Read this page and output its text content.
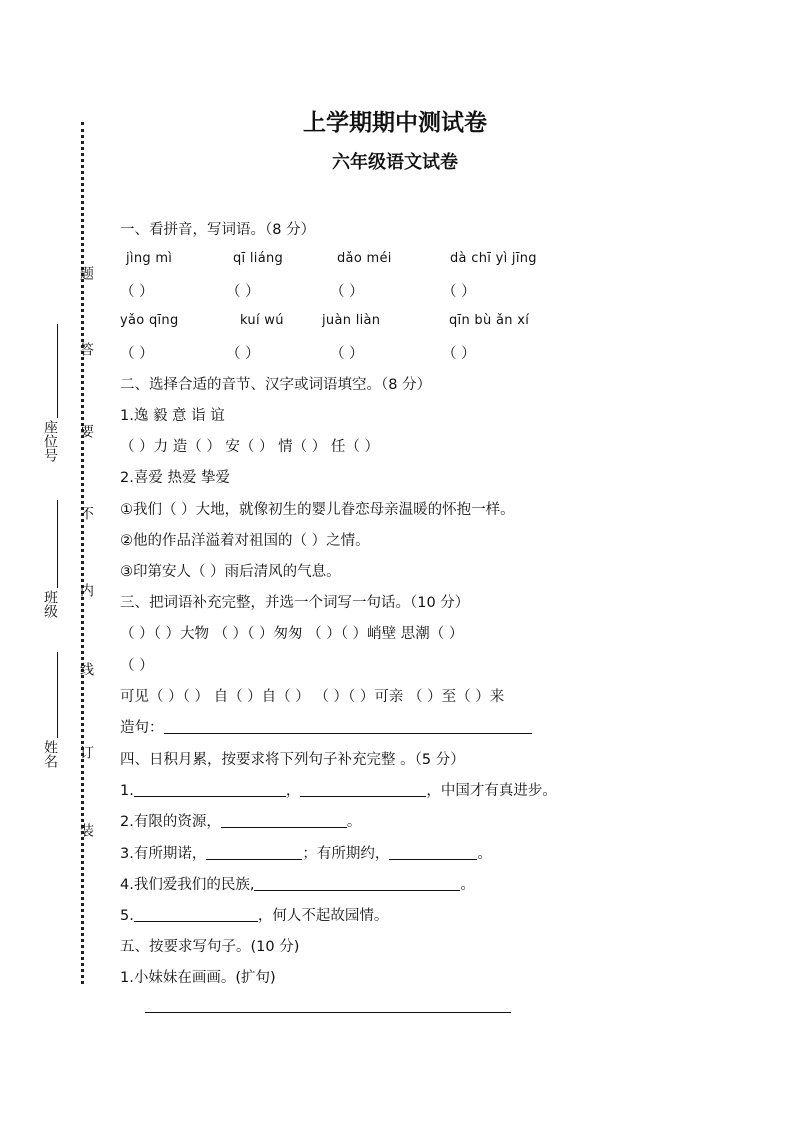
题
答
要
不
内
线
订
装
座位号
班级
姓名
上学期期中测试卷
六年级语文试卷
一、看拼音，写词语。（8 分）
jìng mì	qī liáng	dǎo méi	dà chī yì jīng
（ ）	（ ）	（ ）	（ ）
yǎo qīng	kuí wú	juàn liàn	qīn bù ǎn xí
（ ）	（ ）	（ ）	（ ）
二、选择合适的音节、汉字或词语填空。（8 分）
1.逸 毅 意 诣 谊
（ ）力 造（ ） 安（ ） 情（ ） 任（ ）
2.喜爱 热爱 挚爱
①我们（ ）大地，就像初生的婴儿眷恋母亲温暖的怀抱一样。
②他的作品洋溢着对祖国的（ ）之情。
③印第安人（ ）雨后清风的气息。
三、把词语补充完整，并选一个词写一句话。（10 分）
（ ）（ ）大物 （ ）（ ）匆匆 （ ）（ ）峭壁 思潮（ ）
（ ）
可见（ ）（ ） 自（ ）自（ ） （ ）（ ）可亲 （ ）至（ ）来
造句：
四、日积月累，按要求将下列句子补充完整 。（5 分）
1.	，	，中国才有真进步。
2.有限的资源，	。
3.有所期诺，	；有所期约，	。
4.我们爱我们的民族,	。
5.	，何人不起故园情。
五、按要求写句子。(10 分)
1.小妹妹在画画。(扩句)
